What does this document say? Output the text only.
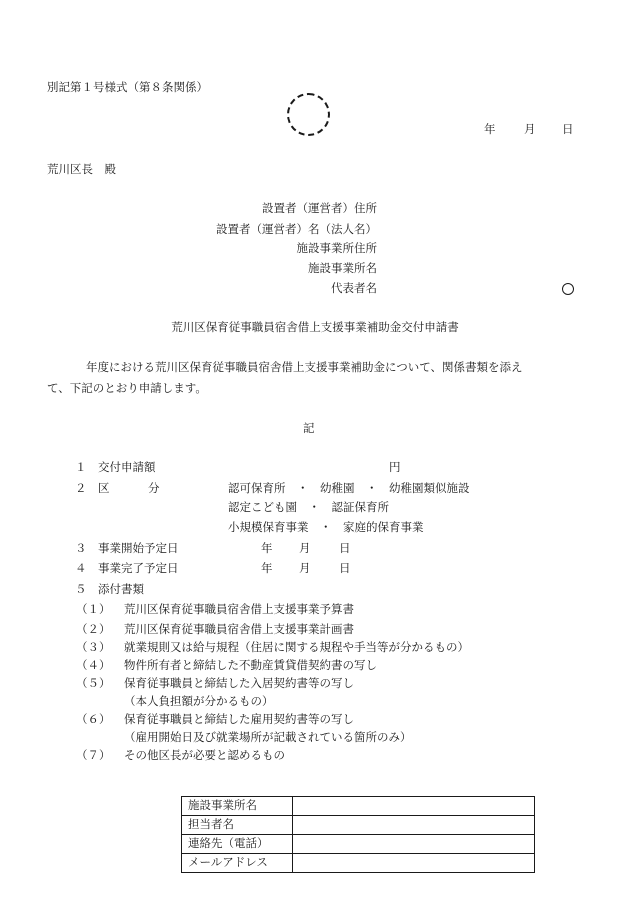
別記第１号様式（第８条関係）
年 月 日
荒川区長　殿
設置者（運営者）住所
設置者（運営者）名（法人名）
施設事業所住所
施設事業所名
代表者名
荒川区保育従事職員宿舎借上支援事業補助金交付申請書
年度における荒川区保育従事職員宿舎借上支援事業補助金について、関係書類を添え
て、下記のとおり申請します。
記
１ 交付申請額	円
２ 区	分	認可保育所　・　幼稚園　・　幼稚園類似施設
認定こども園　・　認証保育所
小規模保育事業　・　家庭的保育事業
３ 事業開始予定日	年 月 日
４ 事業完了予定日	年 月 日
５ 添付書類
（１） 荒川区保育従事職員宿舎借上支援事業予算書
（２） 荒川区保育従事職員宿舎借上支援事業計画書
（３） 就業規則又は給与規程（住居に関する規程や手当等が分かるもの）
（４） 物件所有者と締結した不動産賃貸借契約書の写し
（５） 保育従事職員と締結した入居契約書等の写し
（本人負担額が分かるもの）
（６） 保育従事職員と締結した雇用契約書等の写し
（雇用開始日及び就業場所が記載されている箇所のみ）
（７） その他区長が必要と認めるもの
施設事業所名	
担当者名	
連絡先（電話）	
メールアドレス	
